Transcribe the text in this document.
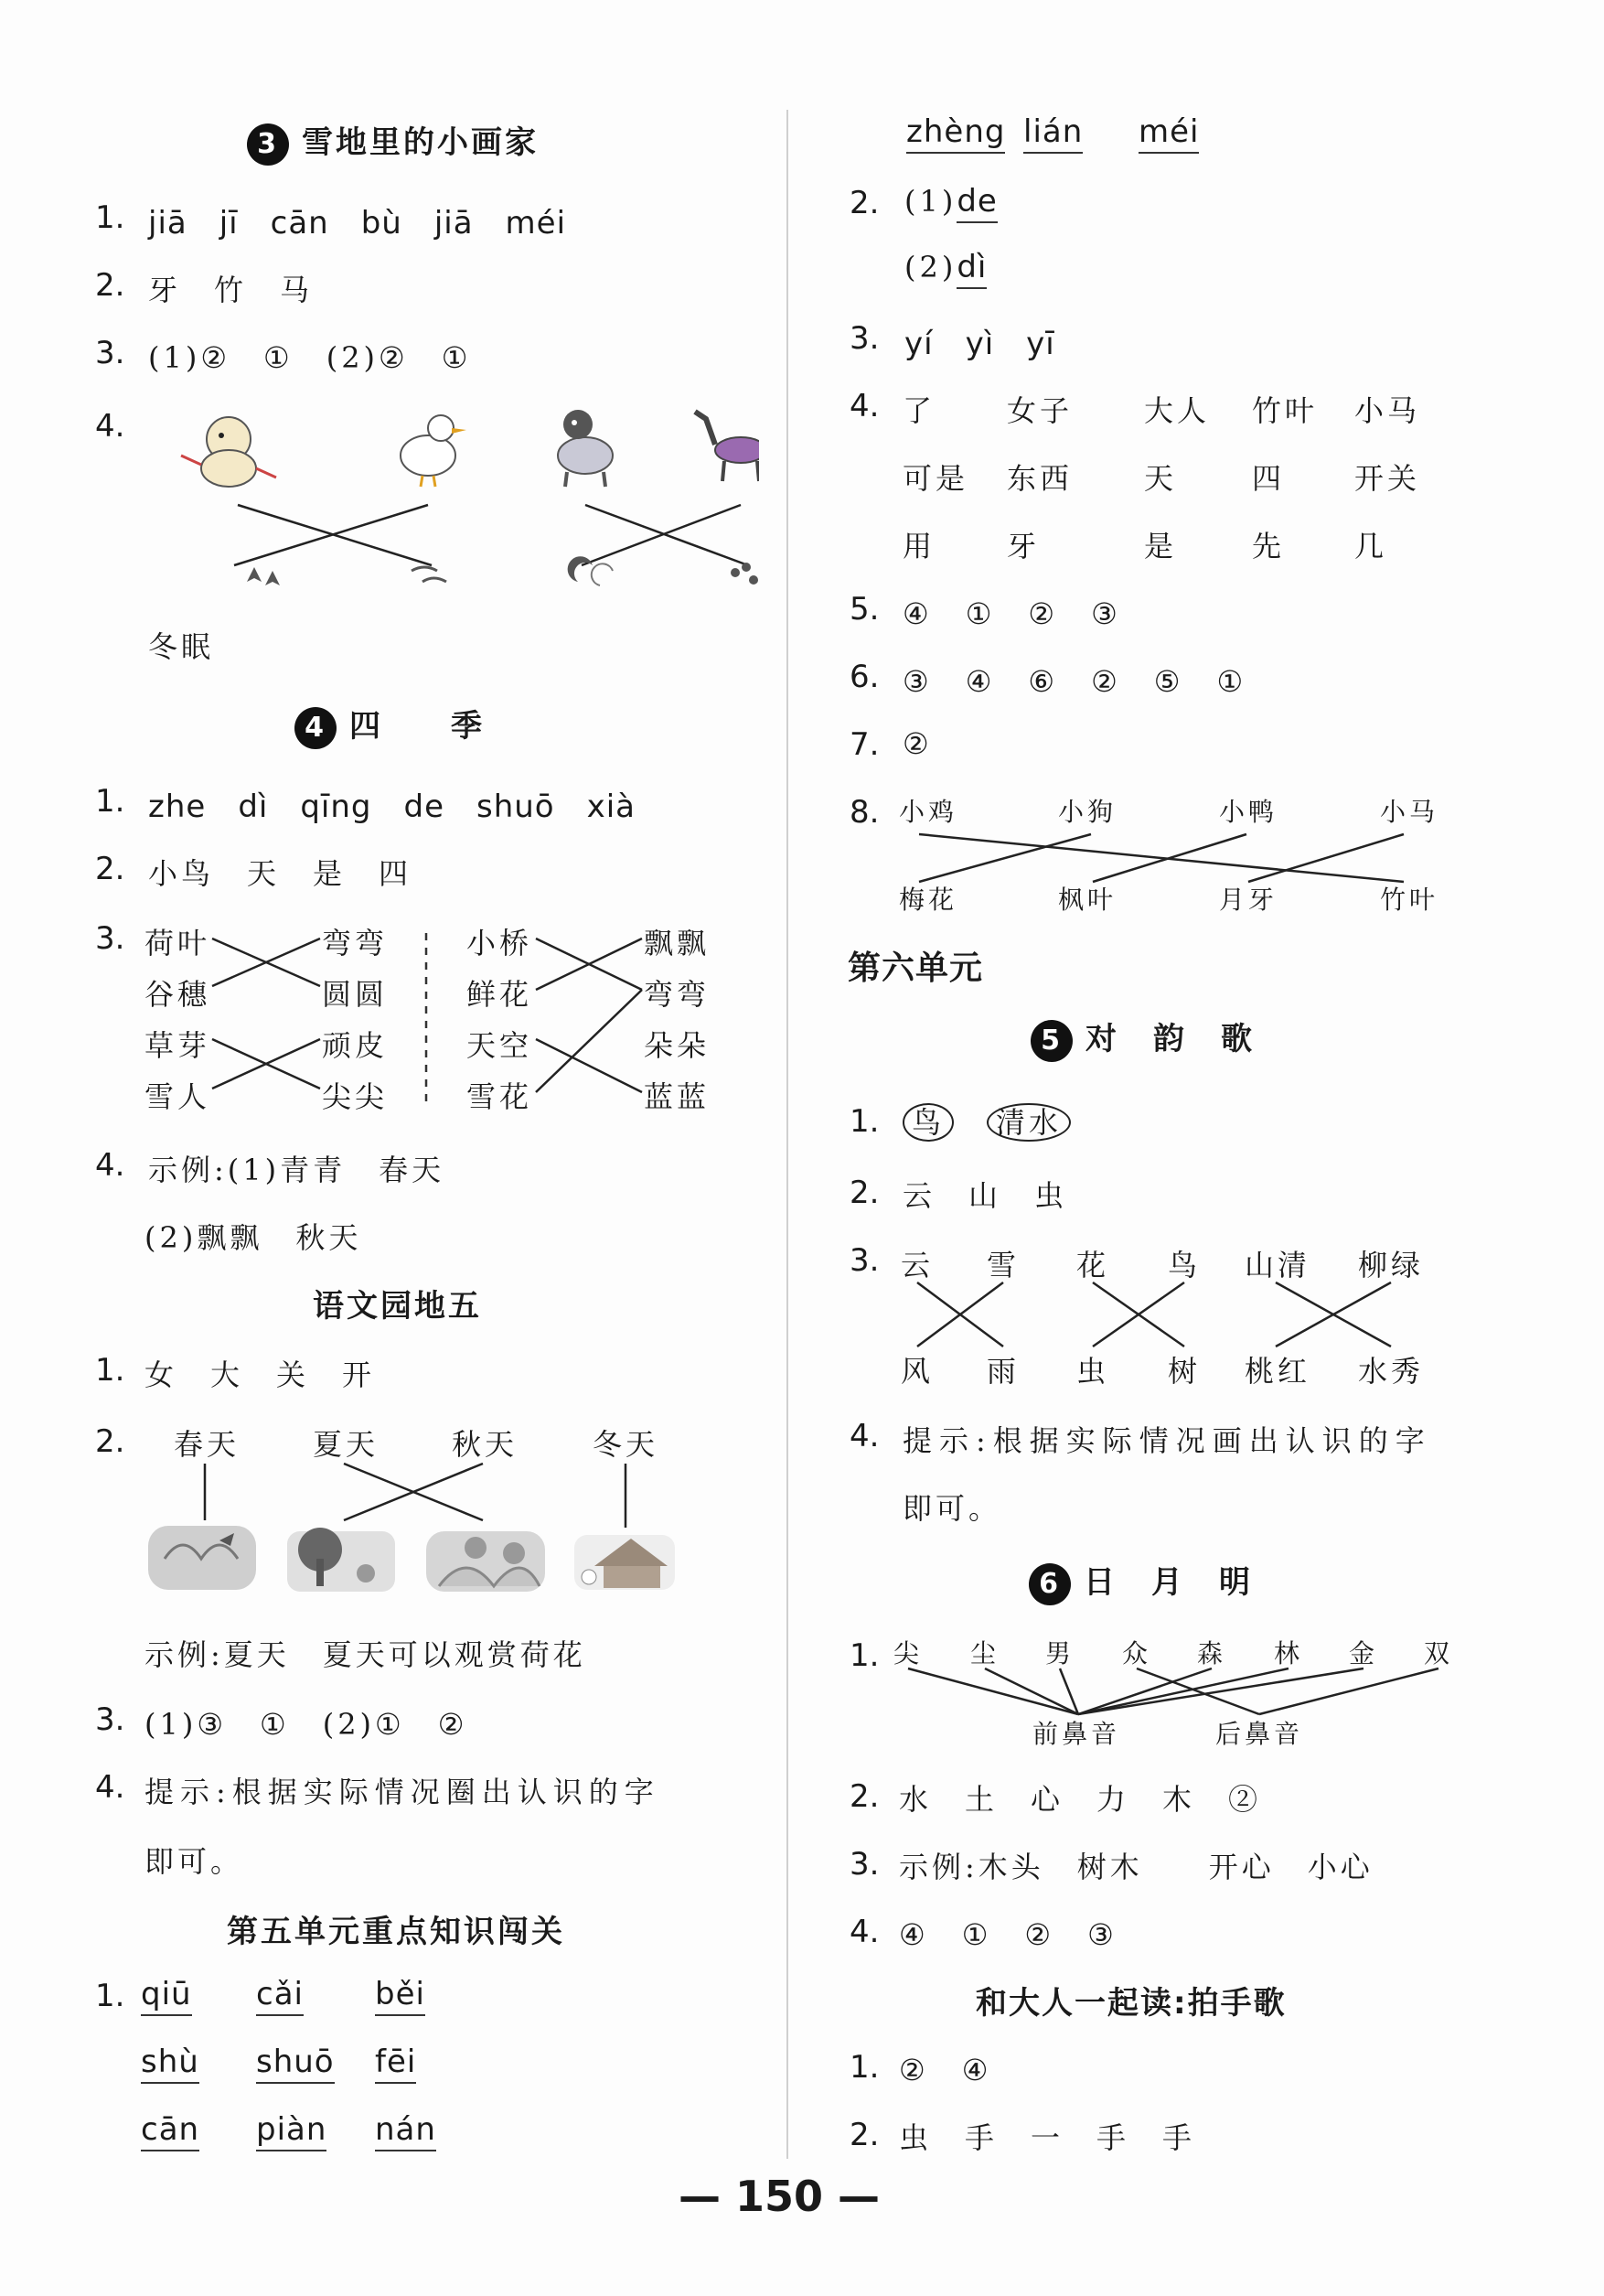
3 雪地里的小画家
1. jiā　jī　cān　bù　jiā　méi
2. 牙　竹　马
3. (1)②　①　(2)②　①
4.
冬眠
4 四　　季
1. zhe　dì　qīng　de　shuō　xià
2. 小鸟　天　是　四
3. 荷叶
谷穗
草芽
雪人
弯弯
圆圆
顽皮
尖尖
小桥
鲜花
天空
雪花
飘飘
弯弯
朵朵
蓝蓝
4. 示例:(1)青青　春天
(2)飘飘　秋天
语文园地五
1. 女　大　关　开
2. 春天 夏天 秋天	冬天
示例:夏天　夏天可以观赏荷花
3. (1)③　①　(2)①　②
4. 提示:根据实际情况圈出认识的字
即可。
第五单元重点知识闯关
1. qiū cǎi běi
shù shuō fēi
cān piàn nán
zhèng lián méi
2. (1)de
(2)dì
3. yí　yì　yī
4. 了 女子 大人 竹叶 小马
可是 东西 天	四 开关
用 牙	是	先 几
5. ④　①　②　③
6. ③　④　⑥　②　⑤　①
7. ②
8. 小鸡	小狗	小鸭	小马
梅花	枫叶	月牙	竹叶
第六单元
5 对　韵　歌
1.	鸟　 清水
2. 云　山　虫
3. 云 雪 花 鸟 山清 柳绿
风 雨 虫 树 桃红 水秀
4. 提示:根据实际情况画出认识的字
即可。
6 日　月　明
1. 尖 尘 男 众 森 林 金 双
前鼻音	后鼻音
2. 水　土　心　力　木　②
3. 示例:木头　树木　　开心　小心
4. ④　①　②　③
和大人一起读:拍手歌
1. ②　④
2. 虫　手　一　手　手
— 150 —
